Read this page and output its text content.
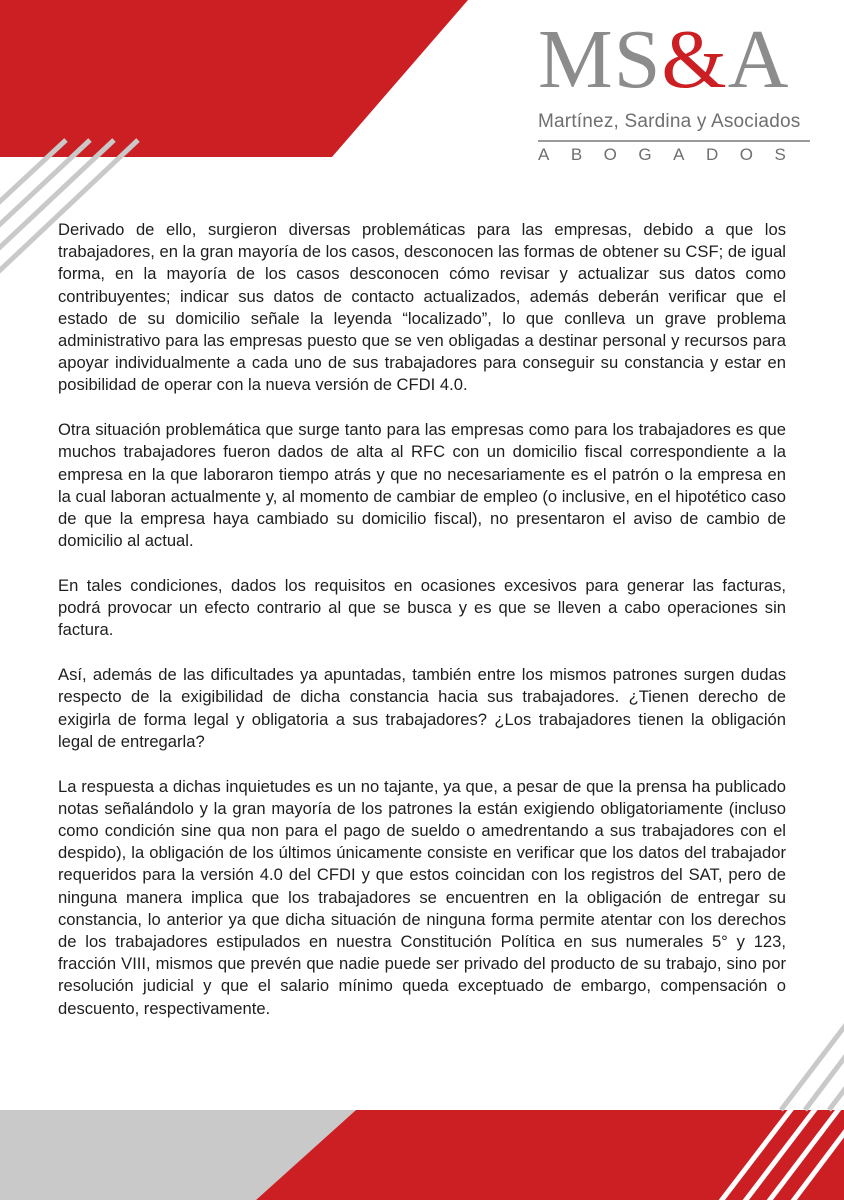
MS&A
Martínez, Sardina y Asociados
ABOGADOS

Derivado de ello, surgieron diversas problemáticas para las empresas, debido a que los trabajadores, en la gran mayoría de los casos, desconocen las formas de obtener su CSF; de igual forma, en la mayoría de los casos desconocen cómo revisar y actualizar sus datos como contribuyentes; indicar sus datos de contacto actualizados, además deberán verificar que el estado de su domicilio señale la leyenda “localizado”, lo que conlleva un grave problema administrativo para las empresas puesto que se ven obligadas a destinar personal y recursos para apoyar individualmente a cada uno de sus trabajadores para conseguir su constancia y estar en posibilidad de operar con la nueva versión de CFDI 4.0.

Otra situación problemática que surge tanto para las empresas como para los trabajadores es que muchos trabajadores fueron dados de alta al RFC con un domicilio fiscal correspondiente a la empresa en la que laboraron tiempo atrás y que no necesariamente es el patrón o la empresa en la cual laboran actualmente y, al momento de cambiar de empleo (o inclusive, en el hipotético caso de que la empresa haya cambiado su domicilio fiscal), no presentaron el aviso de cambio de domicilio al actual.

En tales condiciones, dados los requisitos en ocasiones excesivos para generar las facturas, podrá provocar un efecto contrario al que se busca y es que se lleven a cabo operaciones sin factura.

Así, además de las dificultades ya apuntadas, también entre los mismos patrones surgen dudas respecto de la exigibilidad de dicha constancia hacia sus trabajadores. ¿Tienen derecho de exigirla de forma legal y obligatoria a sus trabajadores? ¿Los trabajadores tienen la obligación legal de entregarla?

La respuesta a dichas inquietudes es un no tajante, ya que, a pesar de que la prensa ha publicado notas señalándolo y la gran mayoría de los patrones la están exigiendo obligatoriamente (incluso como condición sine qua non para el pago de sueldo o amedrentando a sus trabajadores con el despido), la obligación de los últimos únicamente consiste en verificar que los datos del trabajador requeridos para la versión 4.0 del CFDI y que estos coincidan con los registros del SAT, pero de ninguna manera implica que los trabajadores se encuentren en la obligación de entregar su constancia, lo anterior ya que dicha situación de ninguna forma permite atentar con los derechos de los trabajadores estipulados en nuestra Constitución Política en sus numerales 5° y 123, fracción VIII, mismos que prevén que nadie puede ser privado del producto de su trabajo, sino por resolución judicial y que el salario mínimo queda exceptuado de embargo, compensación o descuento, respectivamente.
